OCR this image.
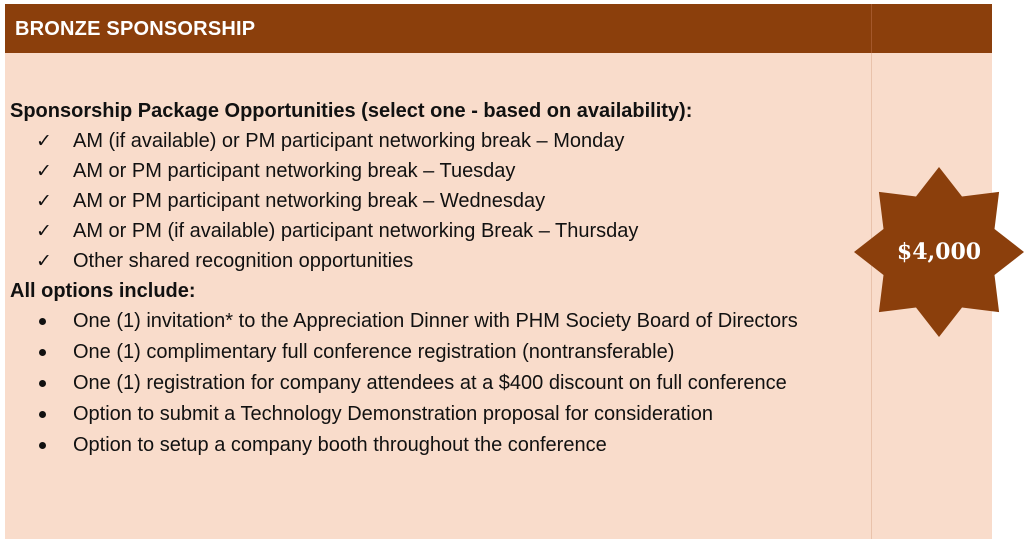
BRONZE SPONSORSHIP
Sponsorship Package Opportunities (select one - based on availability):
✓ AM (if available) or PM participant networking break – Monday
✓ AM or PM participant networking break – Tuesday
✓ AM or PM participant networking break – Wednesday
✓ AM or PM (if available) participant networking Break – Thursday
✓ Other shared recognition opportunities
All options include:
One (1) invitation* to the Appreciation Dinner with PHM Society Board of Directors
One (1) complimentary full conference registration (nontransferable)
One (1) registration for company attendees at a $400 discount on full conference
Option to submit a Technology Demonstration proposal for consideration
Option to setup a company booth throughout the conference
$4,000
